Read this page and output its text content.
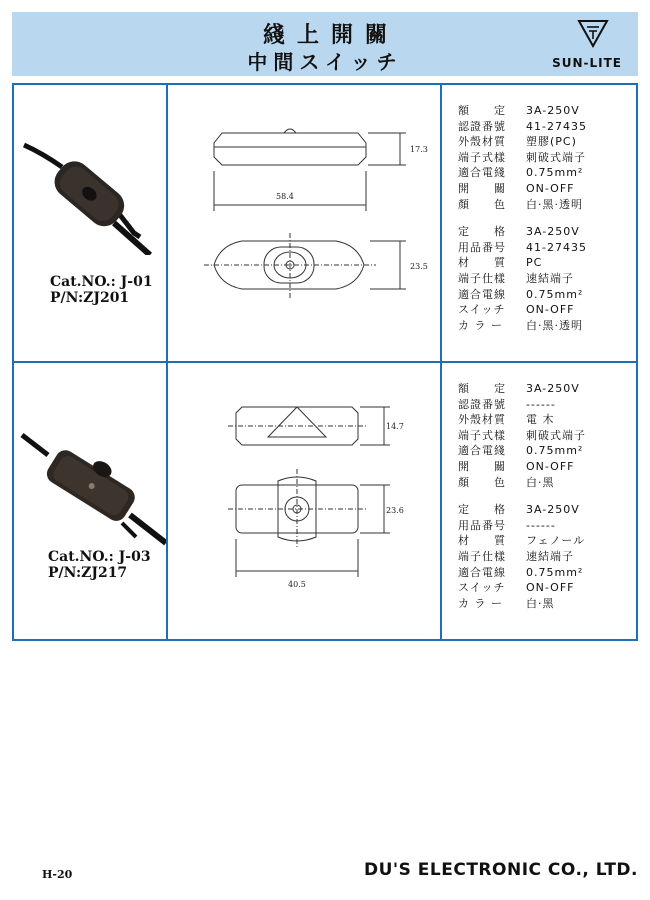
綫上開關
中間スイッチ	SUN-LITE
Cat.NO.: J-01
P/N:ZJ201
17.3
58.4
23.5
額　　定	3A-250V
認證番號	41-27435
外殼材質	塑膠(PC)
端子式樣	刺破式端子
適合電綫	0.75mm²
開　　關	ON-OFF
顏　　色	白·黑·透明
定　　格	3A-250V
用品番号	41-27435
材　　質	PC
端子仕樣	速結端子
適合電線	0.75mm²
スイッチ	ON-OFF
カ ラ ー	白·黑·透明
Cat.NO.: J-03
P/N:ZJ217
14.7
40.5
23.6
額　　定	3A-250V
認證番號	------
外殼材質	電 木
端子式樣	刺破式端子
適合電綫	0.75mm²
開　　關	ON-OFF
顏　　色	白·黑
定　　格	3A-250V
用品番号	------
材　　質	フェノール
端子仕樣	速結端子
適合電線	0.75mm²
スイッチ	ON-OFF
カ ラ ー	白·黑
H-20	DU'S ELECTRONIC CO., LTD.
